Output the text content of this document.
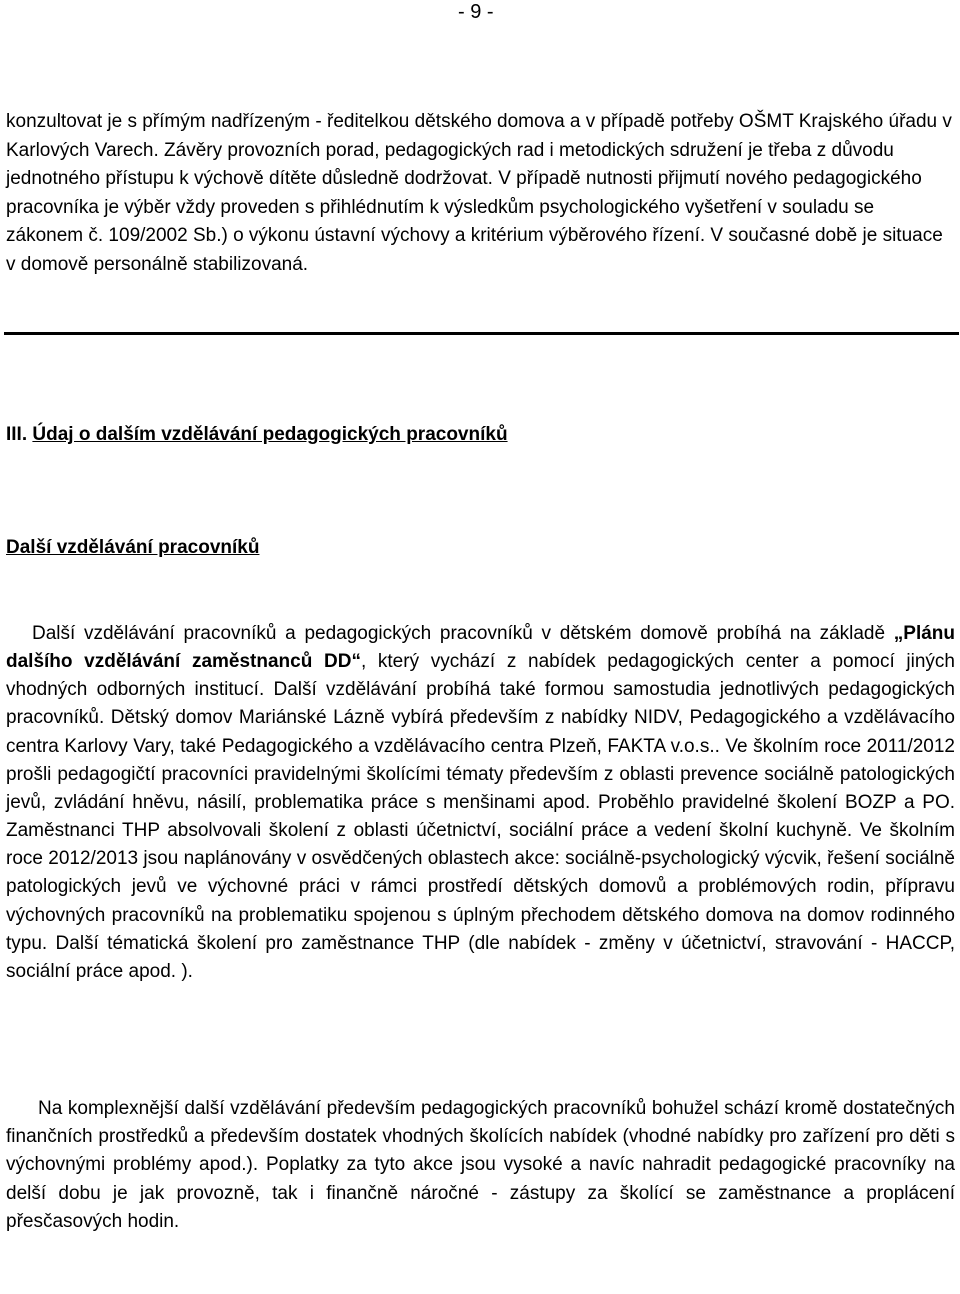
- 9 -

konzultovat je s přímým nadřízeným - ředitelkou dětského domova a v případě potřeby OŠMT Krajského úřadu v Karlových Varech. Závěry provozních porad, pedagogických rad i metodických sdružení je třeba z důvodu jednotného přístupu k výchově dítěte důsledně dodržovat. V případě nutnosti přijmutí nového pedagogického pracovníka je výběr vždy proveden s přihlédnutím k výsledkům psychologického vyšetření v souladu se zákonem č. 109/2002 Sb.) o výkonu ústavní výchovy a kritérium výběrového řízení. V současné době je situace v domově personálně stabilizovaná.

III. Údaj o dalším vzdělávání pedagogických pracovníků
Další vzdělávání pracovníků

Další vzdělávání pracovníků a pedagogických pracovníků v dětském domově probíhá na základě „Plánu dalšího vzdělávání zaměstnanců DD“, který vychází z nabídek pedagogických center a pomocí jiných vhodných odborných institucí. Další vzdělávání probíhá také formou samostudia jednotlivých pedagogických pracovníků. Dětský domov Mariánské Lázně vybírá především z nabídky NIDV, Pedagogického a vzdělávacího centra Karlovy Vary, také Pedagogického a vzdělávacího centra Plzeň, FAKTA v.o.s.. Ve školním roce 2011/2012 prošli pedagogičtí pracovníci pravidelnými školícími tématy především z oblasti prevence sociálně patologických jevů, zvládání hněvu, násilí, problematika práce s menšinami apod. Proběhlo pravidelné školení BOZP a PO. Zaměstnanci THP absolvovali školení z oblasti účetnictví, sociální práce a vedení školní kuchyně. Ve školním roce 2012/2013 jsou naplánovány v osvědčených oblastech akce: sociálně-psychologický výcvik, řešení sociálně patologických jevů ve výchovné práci v rámci prostředí dětských domovů a problémových rodin, přípravu výchovných pracovníků na problematiku spojenou s úplným přechodem dětského domova na domov rodinného typu. Další tématická školení pro zaměstnance THP (dle nabídek - změny v účetnictví, stravování - HACCP, sociální práce apod. ).

Na komplexnější další vzdělávání především pedagogických pracovníků bohužel schází kromě dostatečných finančních prostředků a především dostatek vhodných školících nabídek (vhodné nabídky pro zařízení pro děti s výchovnými problémy apod.). Poplatky za tyto akce jsou vysoké a navíc nahradit pedagogické pracovníky na delší dobu je jak provozně, tak i finančně náročné - zástupy za školící se zaměstnance a proplácení přesčasových hodin.
